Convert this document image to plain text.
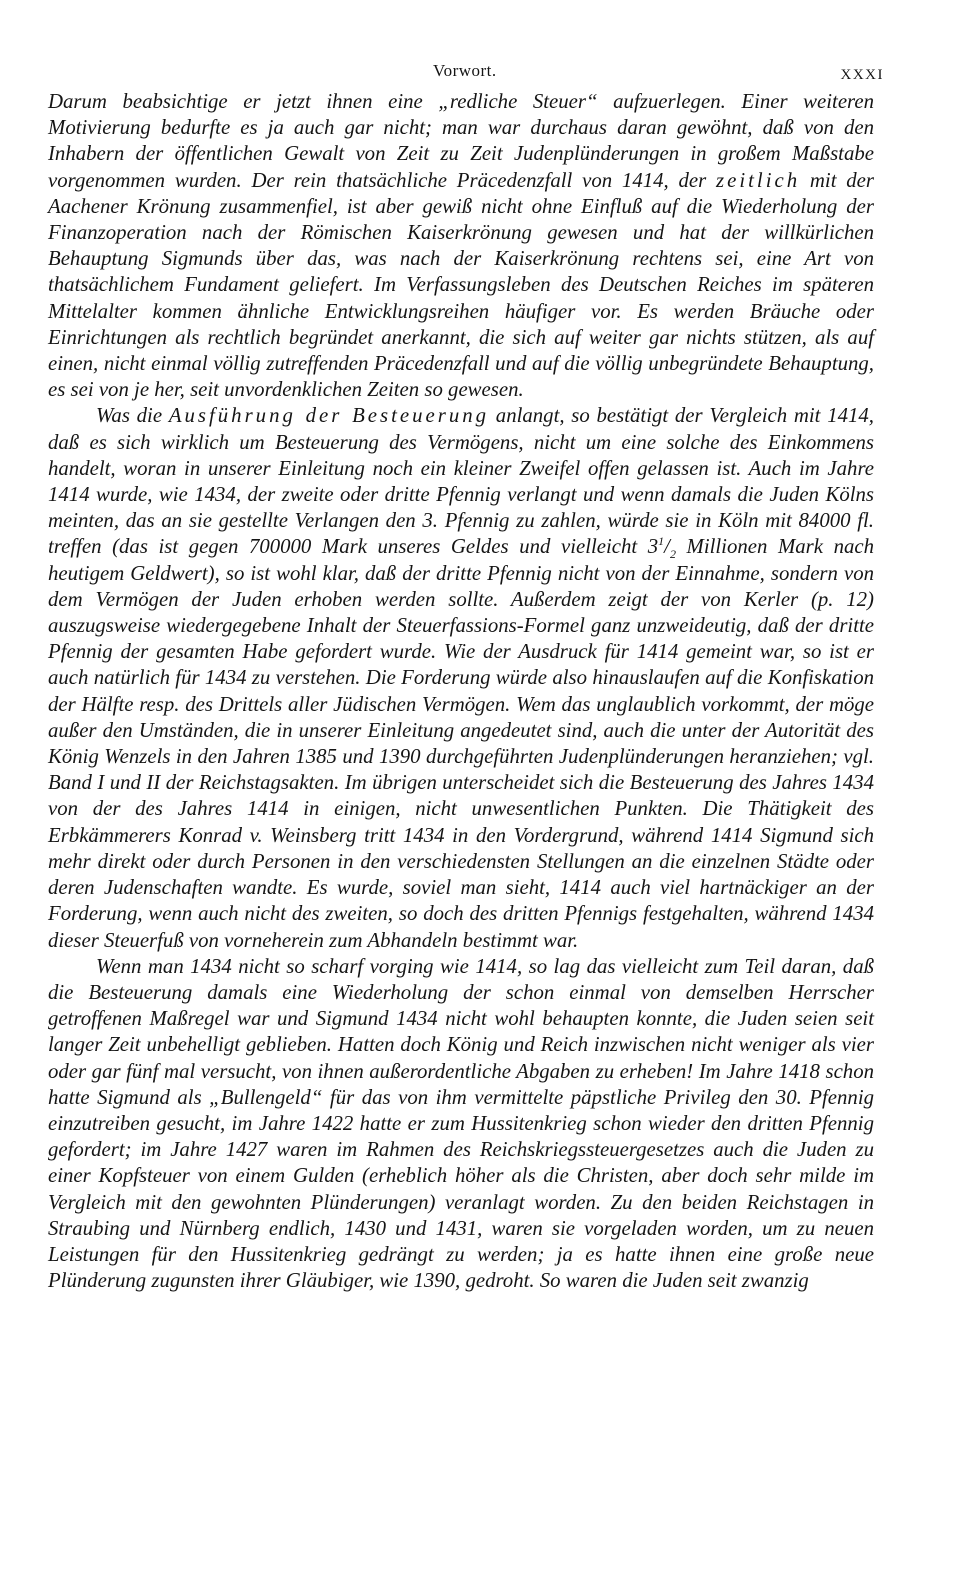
Vorwort.	XXXI

Darum beabsichtige er jetzt ihnen eine „redliche Steuer“ aufzuerlegen. Einer weiteren Motivierung bedurfte es ja auch gar nicht; man war durchaus daran gewöhnt, daß von den Inhabern der öffentlichen Gewalt von Zeit zu Zeit Judenplünderungen in großem Maßstabe vorgenommen wurden. Der rein thatsächliche Präcedenzfall von 1414, der zeitlich mit der Aachener Krönung zusammenfiel, ist aber gewiß nicht ohne Einfluß auf die Wiederholung der Finanzoperation nach der Römischen Kaiserkrönung gewesen und hat der willkürlichen Behauptung Sigmunds über das, was nach der Kaiserkrönung rechtens sei, eine Art von thatsächlichem Fundament geliefert. Im Verfassungsleben des Deutschen Reiches im späteren Mittelalter kommen ähnliche Entwicklungsreihen häufiger vor. Es werden Bräuche oder Einrichtungen als rechtlich begründet anerkannt, die sich auf weiter gar nichts stützen, als auf einen, nicht einmal völlig zutreffenden Präcedenzfall und auf die völlig unbegründete Behauptung, es sei von je her, seit unvordenklichen Zeiten so gewesen.

Was die Ausführung der Besteuerung anlangt, so bestätigt der Vergleich mit 1414, daß es sich wirklich um Besteuerung des Vermögens, nicht um eine solche des Einkommens handelt, woran in unserer Einleitung noch ein kleiner Zweifel offen gelassen ist. Auch im Jahre 1414 wurde, wie 1434, der zweite oder dritte Pfennig verlangt und wenn damals die Juden Kölns meinten, das an sie gestellte Verlangen den 3. Pfennig zu zahlen, würde sie in Köln mit 84000 fl. treffen (das ist gegen 700000 Mark unseres Geldes und vielleicht $3^1/_2$ Millionen Mark nach heutigem Geldwert), so ist wohl klar, daß der dritte Pfennig nicht von der Einnahme, sondern von dem Vermögen der Juden erhoben werden sollte. Außerdem zeigt der von Kerler (p. 12) auszugsweise wiedergegebene Inhalt der Steuerfassions-Formel ganz unzweideutig, daß der dritte Pfennig der gesamten Habe gefordert wurde. Wie der Ausdruck für 1414 gemeint war, so ist er auch natürlich für 1434 zu verstehen. Die Forderung würde also hinauslaufen auf die Konfiskation der Hälfte resp. des Drittels aller Jüdischen Vermögen. Wem das unglaublich vorkommt, der möge außer den Umständen, die in unserer Einleitung angedeutet sind, auch die unter der Autorität des König Wenzels in den Jahren 1385 und 1390 durchgeführten Judenplünderungen heranziehen; vgl. Band I und II der Reichstagsakten. Im übrigen unterscheidet sich die Besteuerung des Jahres 1434 von der des Jahres 1414 in einigen, nicht unwesentlichen Punkten. Die Thätigkeit des Erbkämmerers Konrad v. Weinsberg tritt 1434 in den Vordergrund, während 1414 Sigmund sich mehr direkt oder durch Personen in den verschiedensten Stellungen an die einzelnen Städte oder deren Judenschaften wandte. Es wurde, soviel man sieht, 1414 auch viel hartnäckiger an der Forderung, wenn auch nicht des zweiten, so doch des dritten Pfennigs festgehalten, während 1434 dieser Steuerfuß von vorneherein zum Abhandeln bestimmt war.

Wenn man 1434 nicht so scharf vorging wie 1414, so lag das vielleicht zum Teil daran, daß die Besteuerung damals eine Wiederholung der schon einmal von demselben Herrscher getroffenen Maßregel war und Sigmund 1434 nicht wohl behaupten konnte, die Juden seien seit langer Zeit unbehelligt geblieben. Hatten doch König und Reich inzwischen nicht weniger als vier oder gar fünf mal versucht, von ihnen außerordentliche Abgaben zu erheben! Im Jahre 1418 schon hatte Sigmund als „Bullengeld“ für das von ihm vermittelte päpstliche Privileg den 30. Pfennig einzutreiben gesucht, im Jahre 1422 hatte er zum Hussitenkrieg schon wieder den dritten Pfennig gefordert; im Jahre 1427 waren im Rahmen des Reichskriegssteuergesetzes auch die Juden zu einer Kopfsteuer von einem Gulden (erheblich höher als die Christen, aber doch sehr milde im Vergleich mit den gewohnten Plünderungen) veranlagt worden. Zu den beiden Reichstagen in Straubing und Nürnberg endlich, 1430 und 1431, waren sie vorgeladen worden, um zu neuen Leistungen für den Hussitenkrieg gedrängt zu werden; ja es hatte ihnen eine große neue Plünderung zugunsten ihrer Gläubiger, wie 1390, gedroht. So waren die Juden seit zwanzig
